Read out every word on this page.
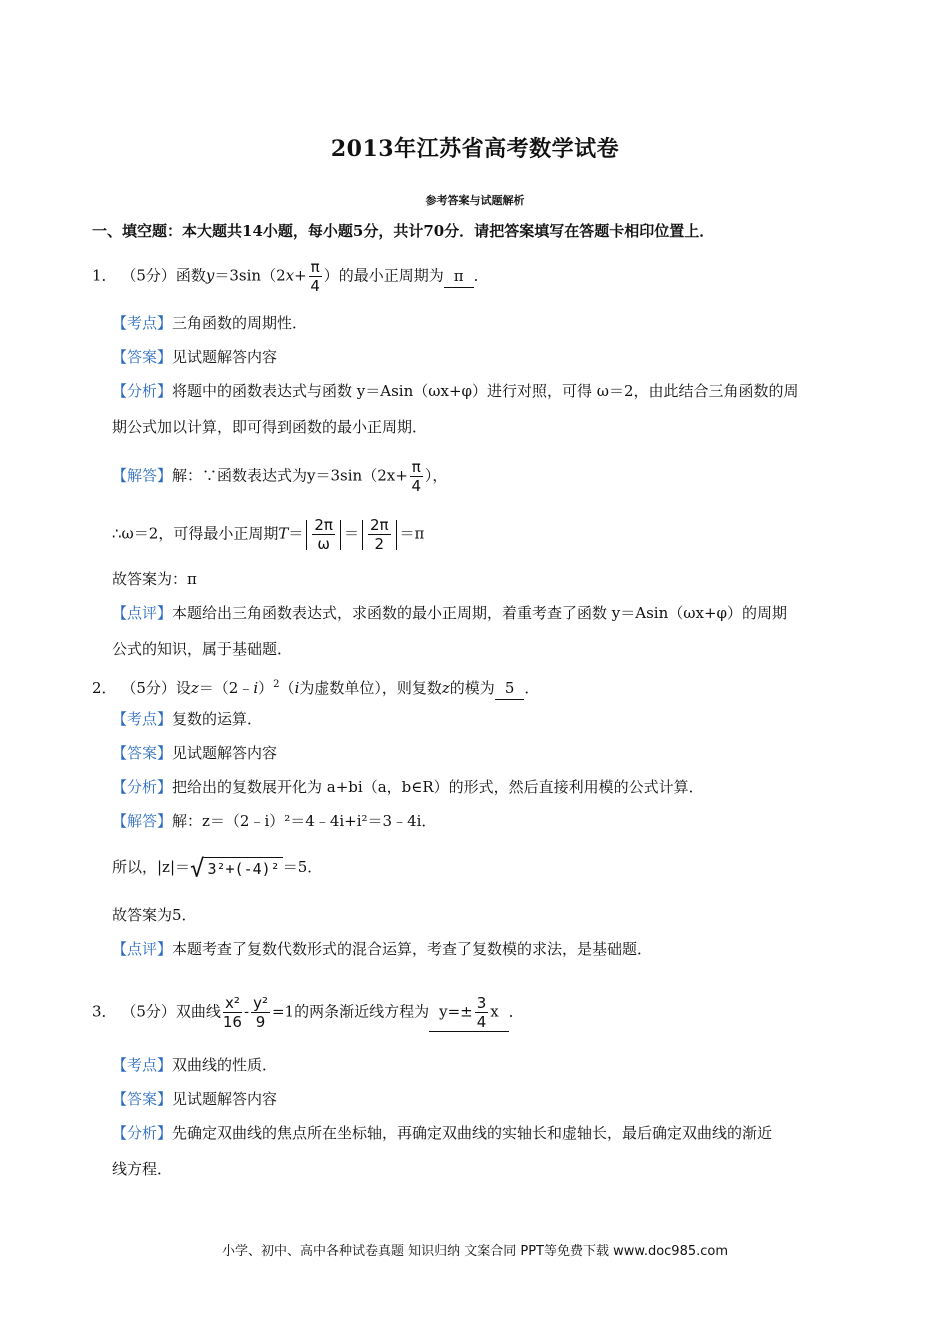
2013年江苏省高考数学试卷
参考答案与试题解析
一、填空题：本大题共14小题，每小题5分，共计70分．请把答案填写在答题卡相印位置上．
1． （5分）函数$y=3\sin(2x+ \frac{\pi}{4}$ ）的最小正周期为 π ．
【考点】三角函数的周期性．
【答案】见试题解答内容
【分析】将题中的函数表达式与函数 y＝Asin（ωx+φ）进行对照，可得 ω＝2，由此结合三角函数的周
期公式加以计算，即可得到函数的最小正周期．
【解答】解：∵函数表达式为$y=3\sin(2x+ \frac{\pi}{4}$ ），
∴ω＝2，可得最小正周期$T= \frac{2\pi}{\omega} = \frac{2\pi}{2} =\pi$
故答案为：π
【点评】本题给出三角函数表达式，求函数的最小正周期，着重考查了函数 y＝Asin（ωx+φ）的周期
公式的知识，属于基础题．
2． （5分）设z＝（2﹣i）$^2$（i为虚数单位），则复数z的模为 5 ．
【考点】复数的运算．
【答案】见试题解答内容
【分析】把给出的复数展开化为 a+bi（a，b∈R）的形式，然后直接利用模的公式计算．
【解答】解：z＝（2﹣i）²＝4﹣4i+i²＝3﹣4i．
所以，|z|＝√ 3²+(-4)² ＝5．
故答案为5．
【点评】本题考查了复数代数形式的混合运算，考查了复数模的求法，是基础题．
3． （5分）双曲线 $\frac{\text{x²}}{16} - \frac{\text{y²}}{9} =1$的两条渐近线方程为 $y=\pm \frac{3}{4}$ x ．
【考点】双曲线的性质．
【答案】见试题解答内容
【分析】先确定双曲线的焦点所在坐标轴，再确定双曲线的实轴长和虚轴长，最后确定双曲线的渐近
线方程．
小学、初中、高中各种试卷真题 知识归纳 文案合同 PPT等免费下载 www.doc985.com
